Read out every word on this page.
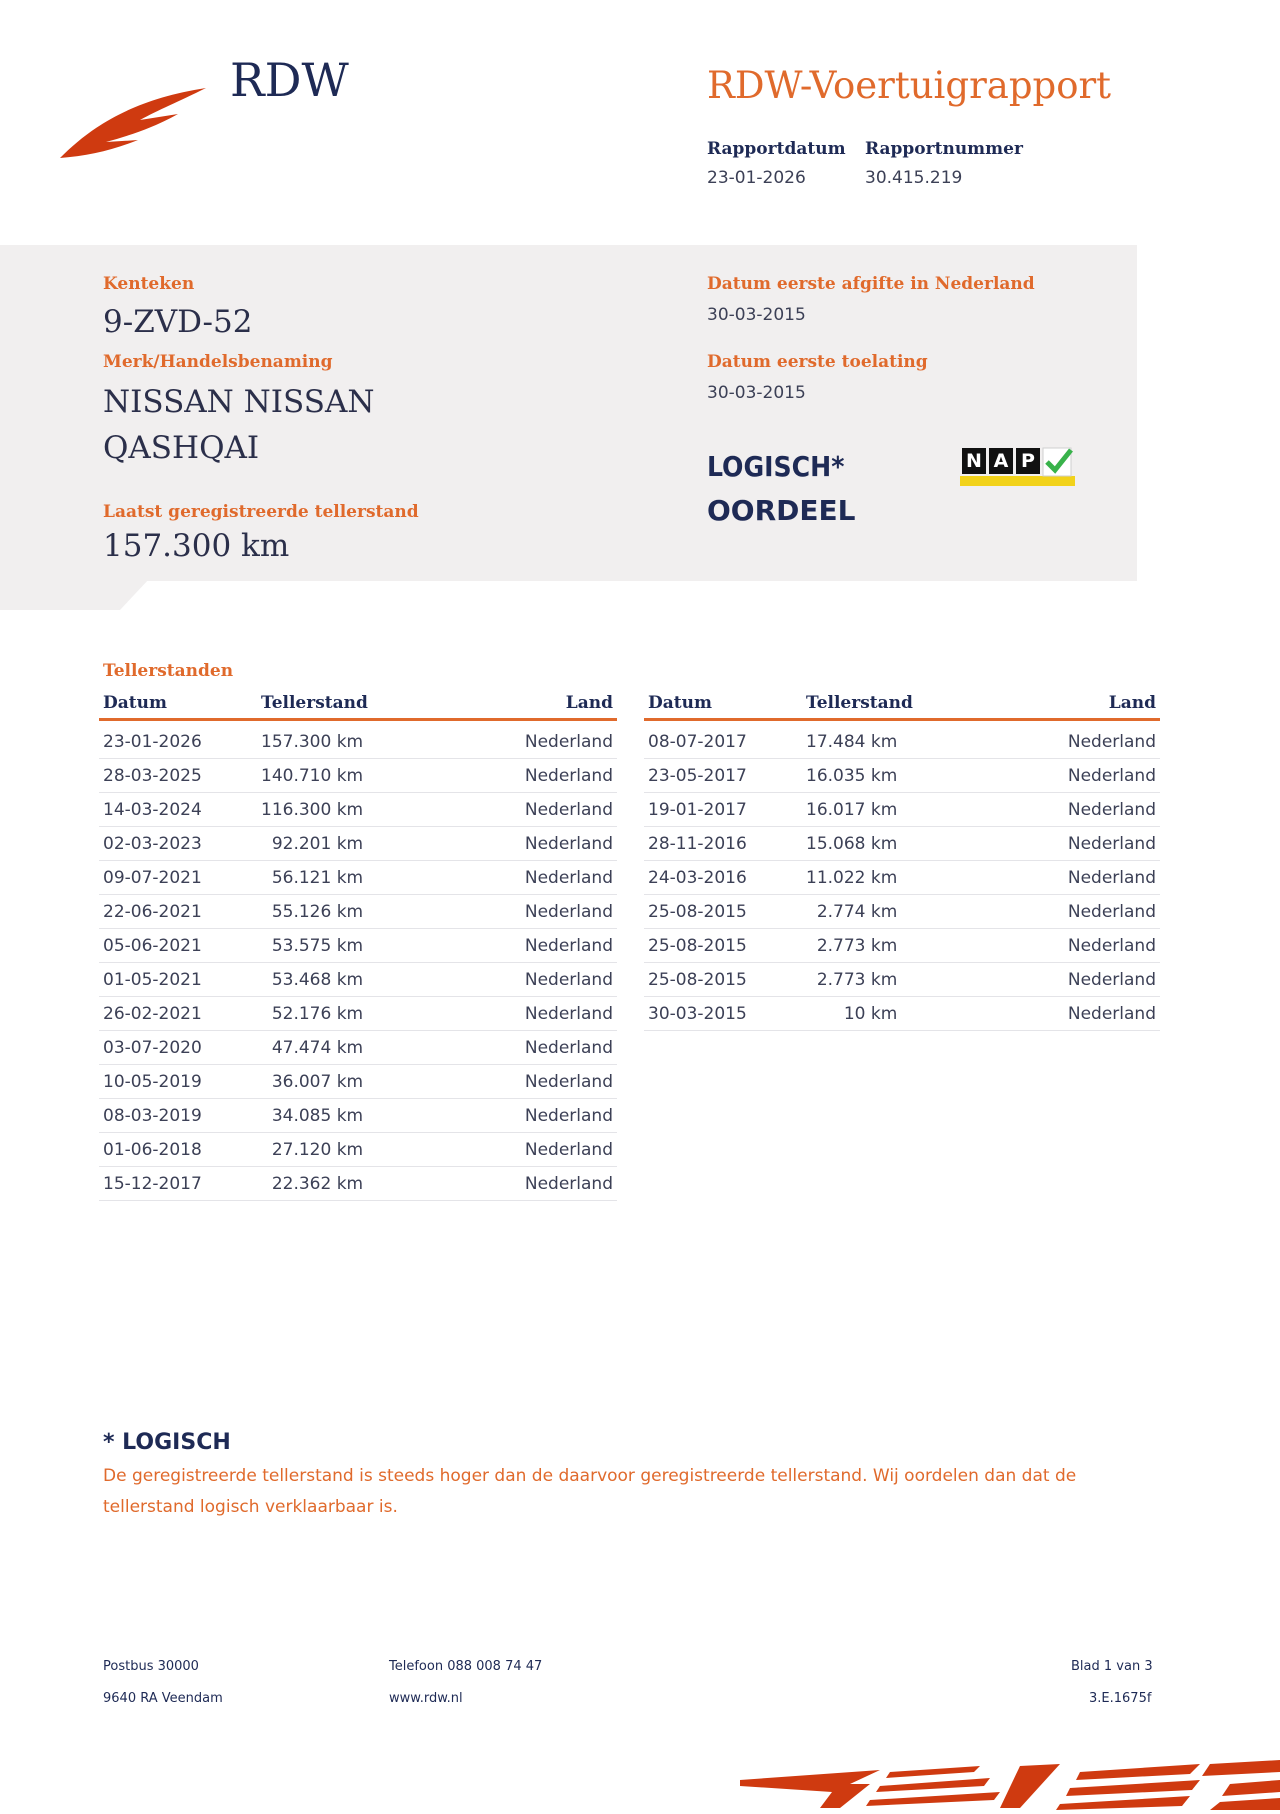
RDW	RDW-Voertuigrapport
Rapportdatum
23-01-2026
Rapportnummer
30.415.219
Kenteken
9-ZVD-52
Merk/Handelsbenaming
NISSAN NISSAN
QASHQAI
Laatst geregistreerde tellerstand
157.300 km
Datum eerste afgifte in Nederland
30-03-2015
Datum eerste toelating
30-03-2015
LOGISCH*
OORDEEL
N A P
Tellerstanden
Datum	Tellerstand	Land

23-01-2026	157.300 km	Nederland
28-03-2025	140.710 km	Nederland
14-03-2024	116.300 km	Nederland
02-03-2023	92.201 km	Nederland
09-07-2021	56.121 km	Nederland
22-06-2021	55.126 km	Nederland
05-06-2021	53.575 km	Nederland
01-05-2021	53.468 km	Nederland
26-02-2021	52.176 km	Nederland
03-07-2020	47.474 km	Nederland
10-05-2019	36.007 km	Nederland
08-03-2019	34.085 km	Nederland
01-06-2018	27.120 km	Nederland
15-12-2017	22.362 km	Nederland
Datum	Tellerstand	Land

08-07-2017	17.484 km	Nederland
23-05-2017	16.035 km	Nederland
19-01-2017	16.017 km	Nederland
28-11-2016	15.068 km	Nederland
24-03-2016	11.022 km	Nederland
25-08-2015	2.774 km	Nederland
25-08-2015	2.773 km	Nederland
25-08-2015	2.773 km	Nederland
30-03-2015	10 km	Nederland
* LOGISCH
De geregistreerde tellerstand is steeds hoger dan de daarvoor geregistreerde tellerstand. Wij oordelen dan dat de
tellerstand logisch verklaarbaar is.
Postbus 30000
9640 RA Veendam
Telefoon 088 008 74 47
www.rdw.nl
Blad 1 van 3
3.E.1675f
